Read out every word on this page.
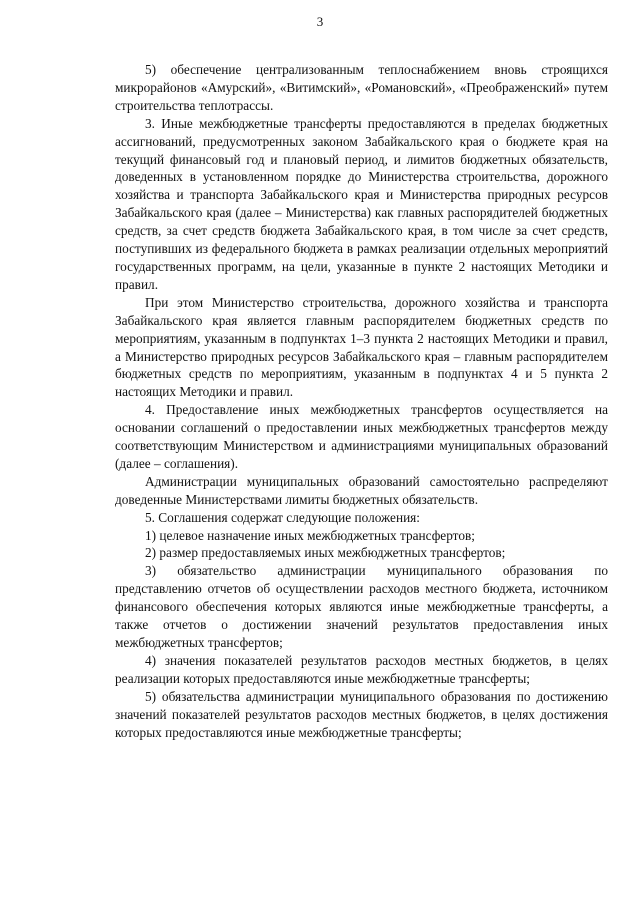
3

5) обеспечение централизованным теплоснабжением вновь строящихся микрорайонов «Амурский», «Витимский», «Романовский», «Преображенский» путем строительства теплотрассы.

3. Иные межбюджетные трансферты предоставляются в пределах бюджетных ассигнований, предусмотренных законом Забайкальского края о бюджете края на текущий финансовый год и плановый период, и лимитов бюджетных обязательств, доведенных в установленном порядке до Министерства строительства, дорожного хозяйства и транспорта Забайкальского края и Министерства природных ресурсов Забайкальского края (далее – Министерства) как главных распорядителей бюджетных средств, за счет средств бюджета Забайкальского края, в том числе за счет средств, поступивших из федерального бюджета в рамках реализации отдельных мероприятий государственных программ, на цели, указанные в пункте 2 настоящих Методики и правил.

При этом Министерство строительства, дорожного хозяйства и транспорта Забайкальского края является главным распорядителем бюджетных средств по мероприятиям, указанным в подпунктах 1–3 пункта 2 настоящих Методики и правил, а Министерство природных ресурсов Забайкальского края – главным распорядителем бюджетных средств по мероприятиям, указанным в подпунктах 4 и 5 пункта 2 настоящих Методики и правил.

4. Предоставление иных межбюджетных трансфертов осуществляется на основании соглашений о предоставлении иных межбюджетных трансфертов между соответствующим Министерством и администрациями муниципальных образований (далее – соглашения).

Администрации муниципальных образований самостоятельно распределяют доведенные Министерствами лимиты бюджетных обязательств.

5. Соглашения содержат следующие положения:

1) целевое назначение иных межбюджетных трансфертов;

2) размер предоставляемых иных межбюджетных трансфертов;

3) обязательство администрации муниципального образования по представлению отчетов об осуществлении расходов местного бюджета, источником финансового обеспечения которых являются иные межбюджетные трансферты, а также отчетов о достижении значений результатов предоставления иных межбюджетных трансфертов;

4) значения показателей результатов расходов местных бюджетов, в целях реализации которых предоставляются иные межбюджетные трансферты;

5) обязательства администрации муниципального образования по достижению значений показателей результатов расходов местных бюджетов, в целях достижения которых предоставляются иные межбюджетные трансферты;
